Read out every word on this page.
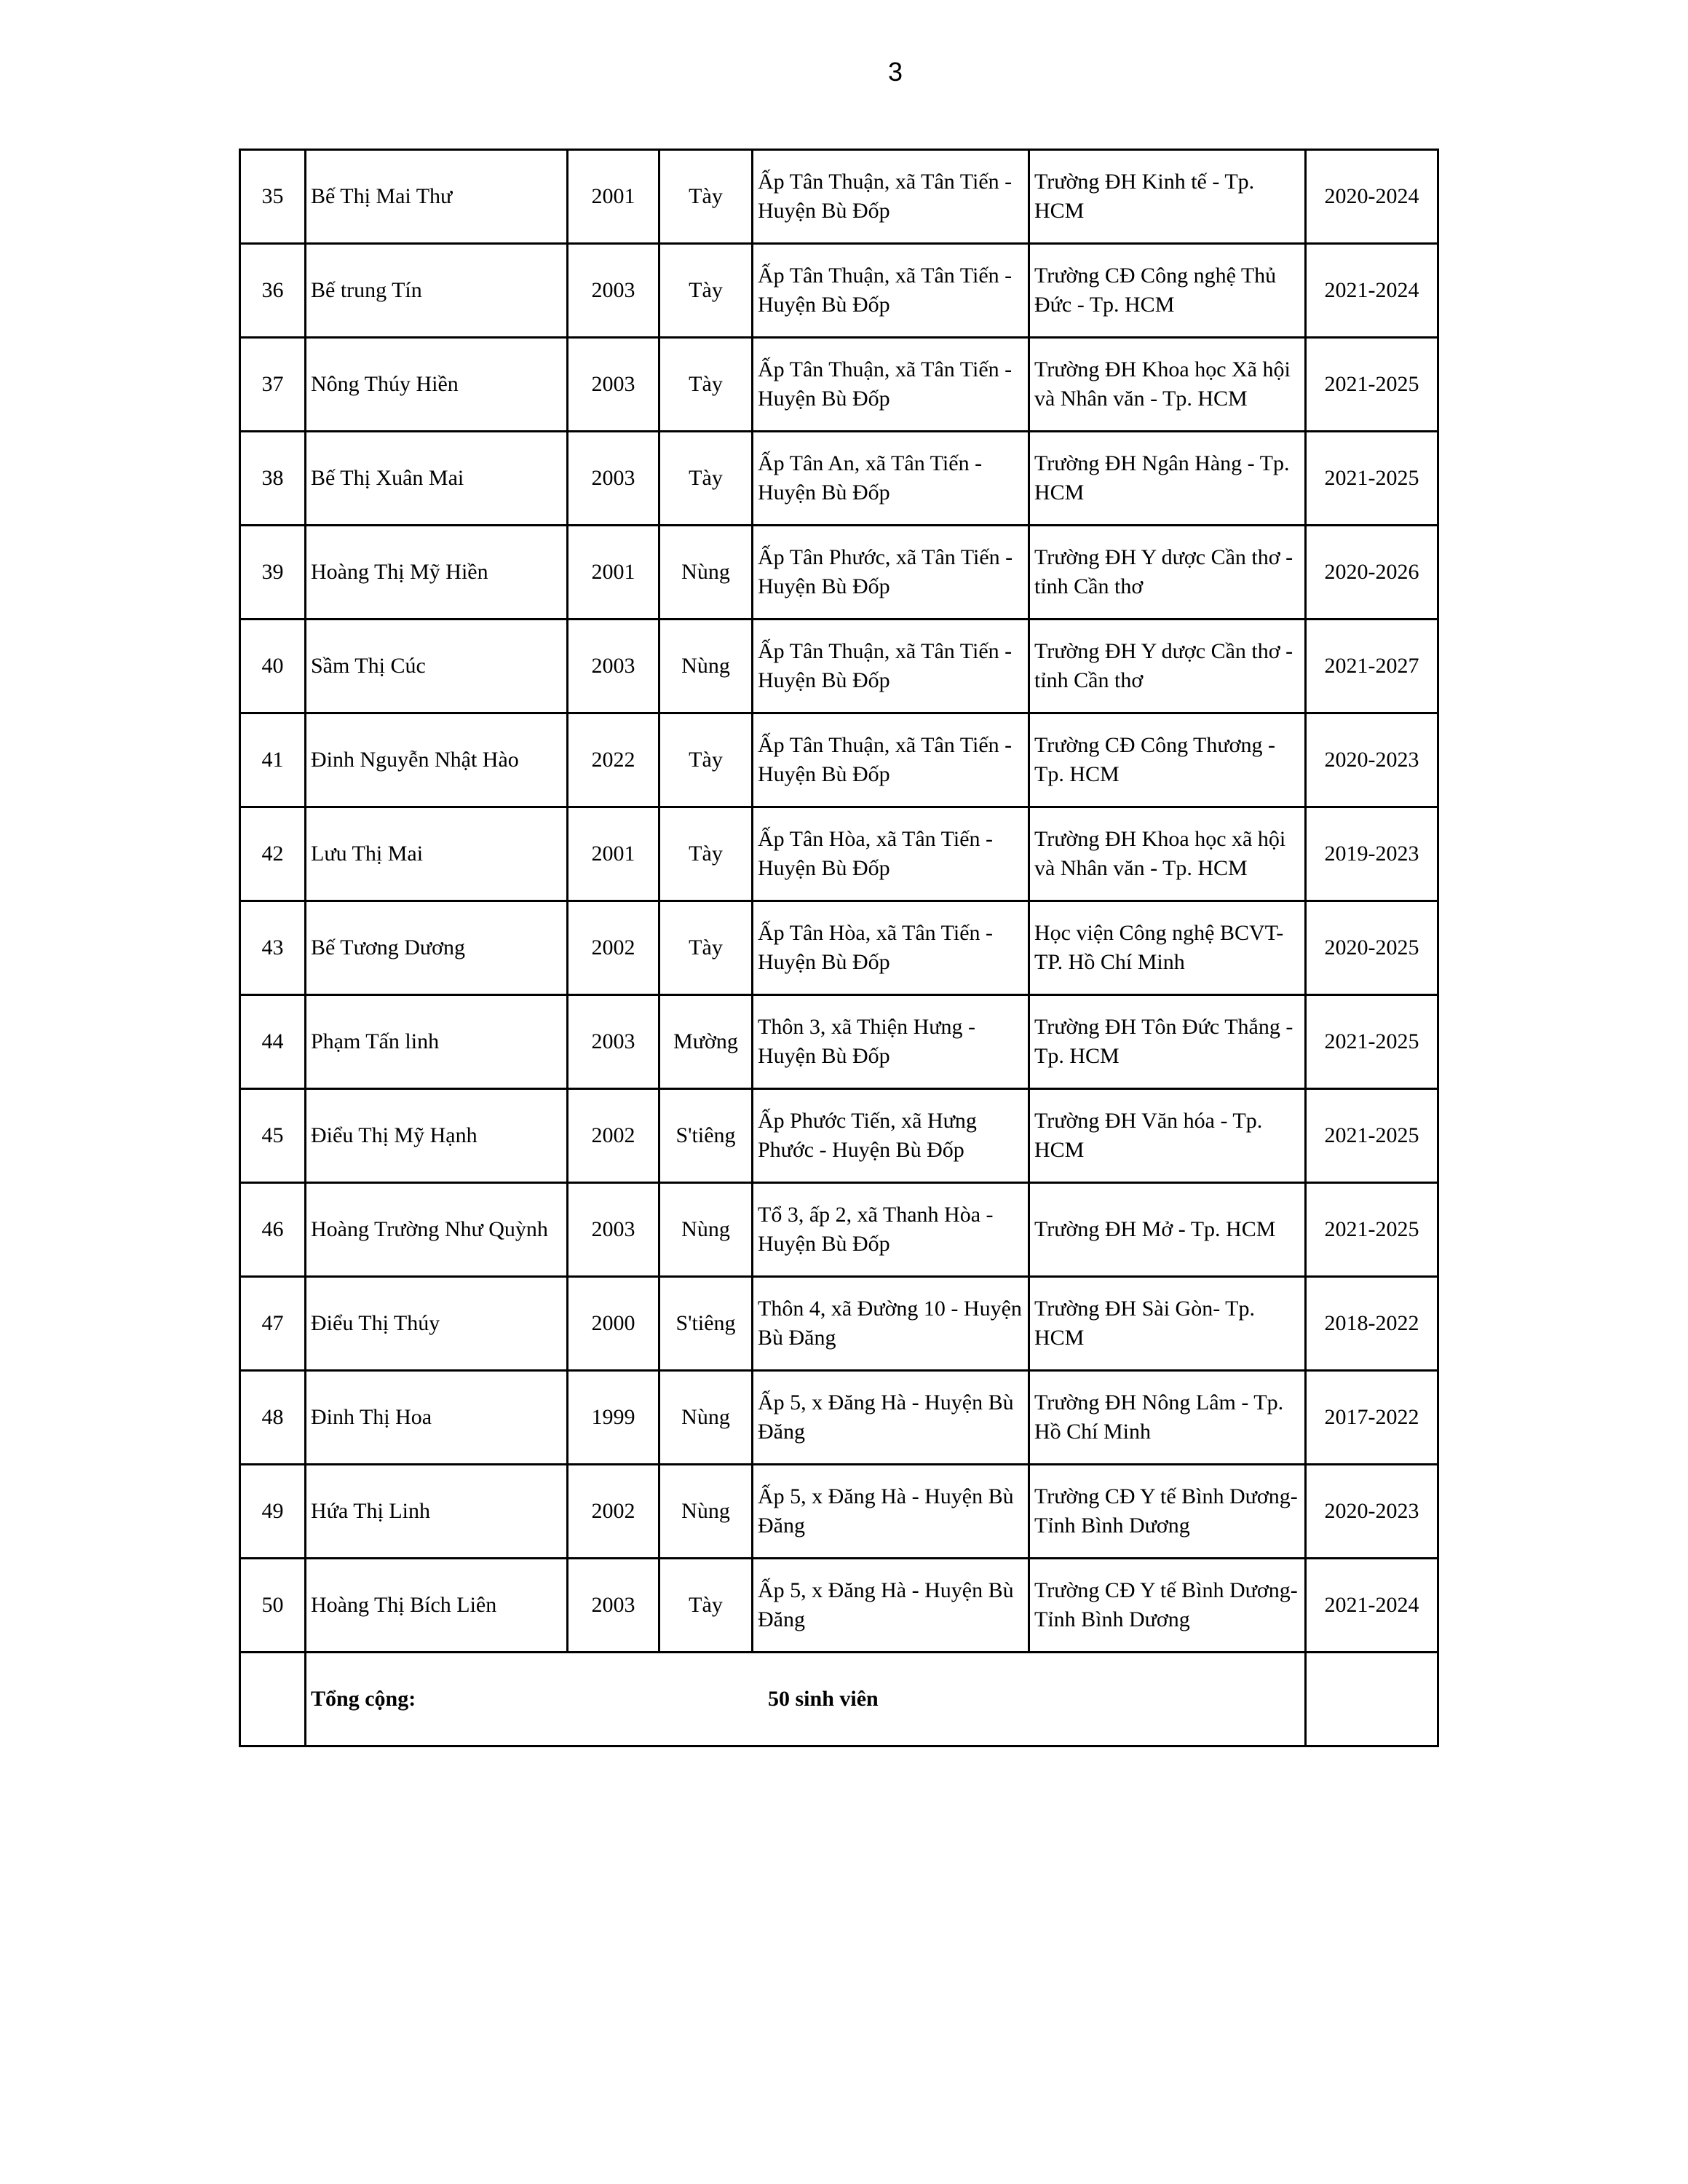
3
35	Bế Thị Mai Thư	2001	Tày	Ấp Tân Thuận, xã Tân Tiến - Huyện Bù Đốp	Trường ĐH Kinh tế - Tp. HCM	2020-2024
36	Bế trung Tín	2003	Tày	Ấp Tân Thuận, xã Tân Tiến - Huyện Bù Đốp	Trường CĐ Công nghệ Thủ Đức - Tp. HCM	2021-2024
37	Nông Thúy Hiền	2003	Tày	Ấp Tân Thuận, xã Tân Tiến - Huyện Bù Đốp	Trường ĐH Khoa học Xã hội và Nhân văn - Tp. HCM	2021-2025
38	Bế Thị Xuân Mai	2003	Tày	Ấp Tân An, xã Tân Tiến - Huyện Bù Đốp	Trường ĐH Ngân Hàng - Tp. HCM	2021-2025
39	Hoàng Thị Mỹ Hiền	2001	Nùng	Ấp Tân Phước, xã Tân Tiến - Huyện Bù Đốp	Trường ĐH Y dược Cần thơ - tỉnh Cần thơ	2020-2026
40	Sầm Thị Cúc	2003	Nùng	Ấp Tân Thuận, xã Tân Tiến - Huyện Bù Đốp	Trường ĐH Y dược Cần thơ - tỉnh Cần thơ	2021-2027
41	Đinh Nguyễn Nhật Hào	2022	Tày	Ấp Tân Thuận, xã Tân Tiến - Huyện Bù Đốp	Trường CĐ Công Thương - Tp. HCM	2020-2023
42	Lưu Thị Mai	2001	Tày	Ấp Tân Hòa, xã Tân Tiến - Huyện Bù Đốp	Trường ĐH Khoa học xã hội và Nhân văn - Tp. HCM	2019-2023
43	Bế Tương Dương	2002	Tày	Ấp Tân Hòa, xã Tân Tiến - Huyện Bù Đốp	Học viện Công nghệ BCVT- TP. Hồ Chí Minh	2020-2025
44	Phạm Tấn linh	2003	Mường	Thôn 3, xã Thiện Hưng - Huyện Bù Đốp	Trường ĐH Tôn Đức Thắng - Tp. HCM	2021-2025
45	Điểu Thị Mỹ Hạnh	2002	S'tiêng	Ấp Phước Tiến, xã Hưng Phước - Huyện Bù Đốp	Trường ĐH Văn hóa - Tp. HCM	2021-2025
46	Hoàng Trường Như Quỳnh	2003	Nùng	Tổ 3, ấp 2, xã Thanh Hòa - Huyện Bù Đốp	Trường ĐH Mở - Tp. HCM	2021-2025
47	Điểu Thị Thúy	2000	S'tiêng	Thôn 4, xã Đường 10 - Huyện Bù Đăng	Trường ĐH Sài Gòn- Tp. HCM	2018-2022
48	Đinh Thị Hoa	1999	Nùng	Ấp 5, x Đăng Hà - Huyện Bù Đăng	Trường ĐH Nông Lâm - Tp. Hồ Chí Minh	2017-2022
49	Hứa Thị Linh	2002	Nùng	Ấp 5, x Đăng Hà - Huyện Bù Đăng	Trường CĐ Y tế Bình Dương- Tỉnh Bình Dương	2020-2023
50	Hoàng Thị Bích Liên	2003	Tày	Ấp 5, x Đăng Hà - Huyện Bù Đăng	Trường CĐ Y tế Bình Dương- Tỉnh Bình Dương	2021-2024

	Tổng cộng: 50 sinh viên					
